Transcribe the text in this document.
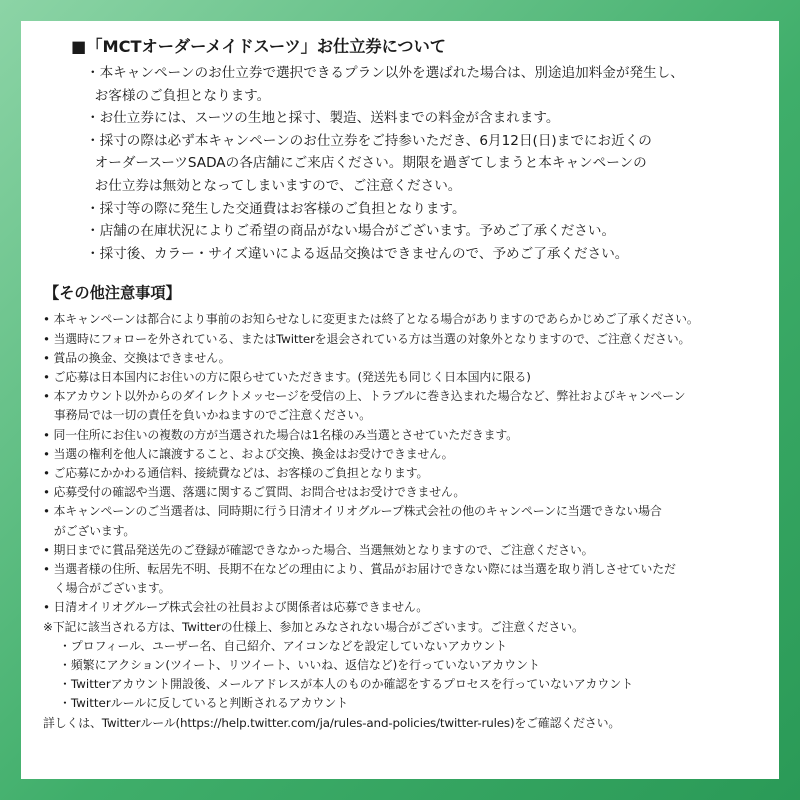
■「MCTオーダーメイドスーツ」お仕立券について
・本キャンペーンのお仕立券で選択できるプラン以外を選ばれた場合は、別途追加料金が発生し、
お客様のご負担となります。
・お仕立券には、スーツの生地と採寸、製造、送料までの料金が含まれます。
・採寸の際は必ず本キャンペーンのお仕立券をご持参いただき、6月12日(日)までにお近くの
オーダースーツSADAの各店舗にご来店ください。期限を過ぎてしまうと本キャンペーンの
お仕立券は無効となってしまいますので、ご注意ください。
・採寸等の際に発生した交通費はお客様のご負担となります。
・店舗の在庫状況によりご希望の商品がない場合がございます。予めご了承ください。
・採寸後、カラー・サイズ違いによる返品交換はできませんので、予めご了承ください。
【その他注意事項】
• 本キャンペーンは都合により事前のお知らせなしに変更または終了となる場合がありますのであらかじめご了承ください。
• 当選時にフォローを外されている、またはTwitterを退会されている方は当選の対象外となりますので、ご注意ください。
• 賞品の換金、交換はできません。
• ご応募は日本国内にお住いの方に限らせていただきます。(発送先も同じく日本国内に限る)
• 本アカウント以外からのダイレクトメッセージを受信の上、トラブルに巻き込まれた場合など、弊社およびキャンペーン
事務局では一切の責任を負いかねますのでご注意ください。
• 同一住所にお住いの複数の方が当選された場合は1名様のみ当選とさせていただきます。
• 当選の権利を他人に譲渡すること、および交換、換金はお受けできません。
• ご応募にかかわる通信料、接続費などは、お客様のご負担となります。
• 応募受付の確認や当選、落選に関するご質問、お問合せはお受けできません。
• 本キャンペーンのご当選者は、同時期に行う日清オイリオグループ株式会社の他のキャンペーンに当選できない場合
がございます。
• 期日までに賞品発送先のご登録が確認できなかった場合、当選無効となりますので、ご注意ください。
• 当選者様の住所、転居先不明、長期不在などの理由により、賞品がお届けできない際には当選を取り消しさせていただ
く場合がございます。
• 日清オイリオグループ株式会社の社員および関係者は応募できません。
※下記に該当される方は、Twitterの仕様上、参加とみなされない場合がございます。ご注意ください。
・プロフィール、ユーザー名、自己紹介、アイコンなどを設定していないアカウント
・頻繁にアクション(ツイート、リツイート、いいね、返信など)を行っていないアカウント
・Twitterアカウント開設後、メールアドレスが本人のものか確認をするプロセスを行っていないアカウント
・Twitterルールに反していると判断されるアカウント
詳しくは、Twitterルール(https://help.twitter.com/ja/rules-and-policies/twitter-rules)をご確認ください。
